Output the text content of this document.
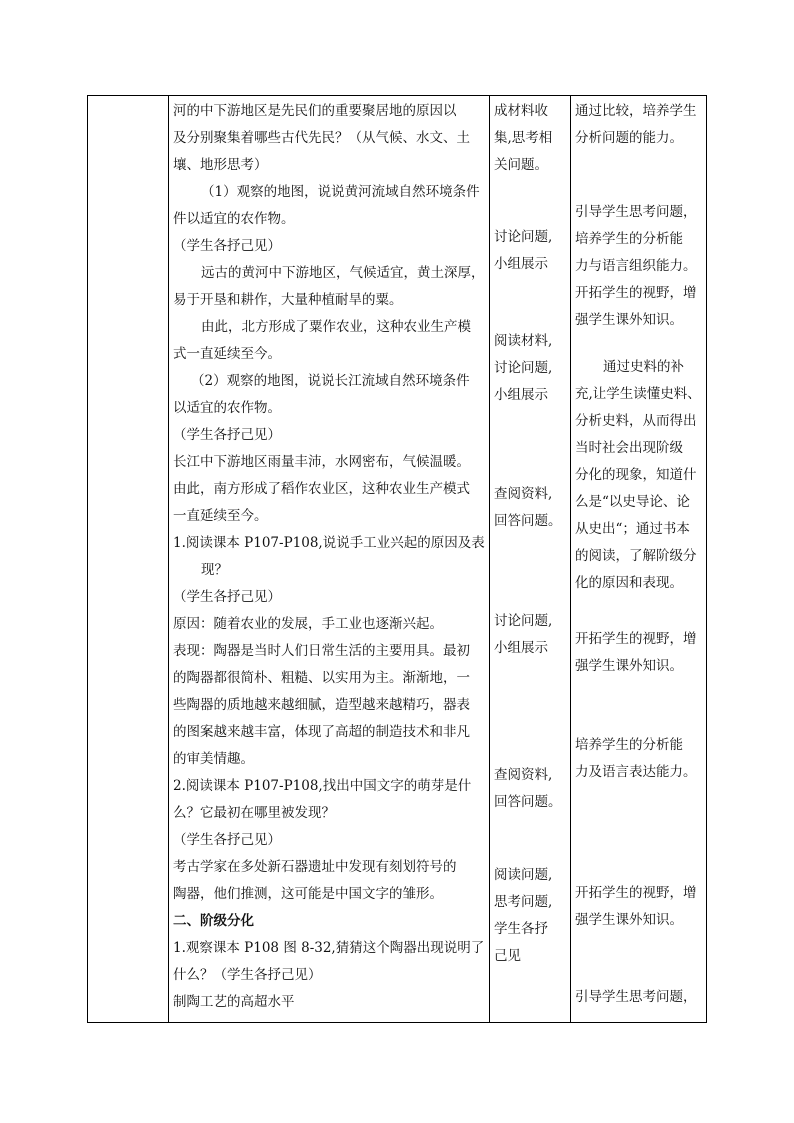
河的中下游地区是先民们的重要聚居地的原因以
及分别聚集着哪些古代先民？（从气候、水文、土
壤、地形思考）
（1）观察的地图，说说黄河流域自然环境条件
件以适宜的农作物。
（学生各抒己见）
远古的黄河中下游地区，气候适宜，黄土深厚，
易于开垦和耕作，大量种植耐旱的粟。
由此，北方形成了粟作农业，这种农业生产模
式一直延续至今。
（2）观察的地图，说说长江流域自然环境条件
以适宜的农作物。
（学生各抒己见）
长江中下游地区雨量丰沛，水网密布，气候温暖。
由此，南方形成了稻作农业区，这种农业生产模式
一直延续至今。
1.阅读课本 P107-P108,说说手工业兴起的原因及表
现？
（学生各抒己见）
原因：随着农业的发展，手工业也逐渐兴起。
表现：陶器是当时人们日常生活的主要用具。最初
的陶器都很简朴、粗糙、以实用为主。渐渐地，一
些陶器的质地越来越细腻，造型越来越精巧，器表
的图案越来越丰富，体现了高超的制造技术和非凡
的审美情趣。
2.阅读课本 P107-P108,找出中国文字的萌芽是什
么？它最初在哪里被发现？
（学生各抒己见）
考古学家在多处新石器遗址中发现有刻划符号的
陶器，他们推测，这可能是中国文字的雏形。
二、阶级分化
1.观察课本 P108 图 8-32,猜猜这个陶器出现说明了
什么？（学生各抒己见）
制陶工艺的高超水平
成材料收
集,思考相
关问题。
讨论问题,
小组展示
阅读材料,
讨论问题,
小组展示
查阅资料,
回答问题。
讨论问题,
小组展示
查阅资料,
回答问题。
阅读问题,
思考问题,
学生各抒
己见
通过比较，培养学生
分析问题的能力。
引导学生思考问题，
培养学生的分析能
力与语言组织能力。
开拓学生的视野，增
强学生课外知识。
通过史料的补
充,让学生读懂史料、
分析史料，从而得出
当时社会出现阶级
分化的现象，知道什
么是“以史导论、论
从史出“；通过书本
的阅读，了解阶级分
化的原因和表现。
开拓学生的视野，增
强学生课外知识。
培养学生的分析能
力及语言表达能力。
开拓学生的视野，增
强学生课外知识。
引导学生思考问题，
